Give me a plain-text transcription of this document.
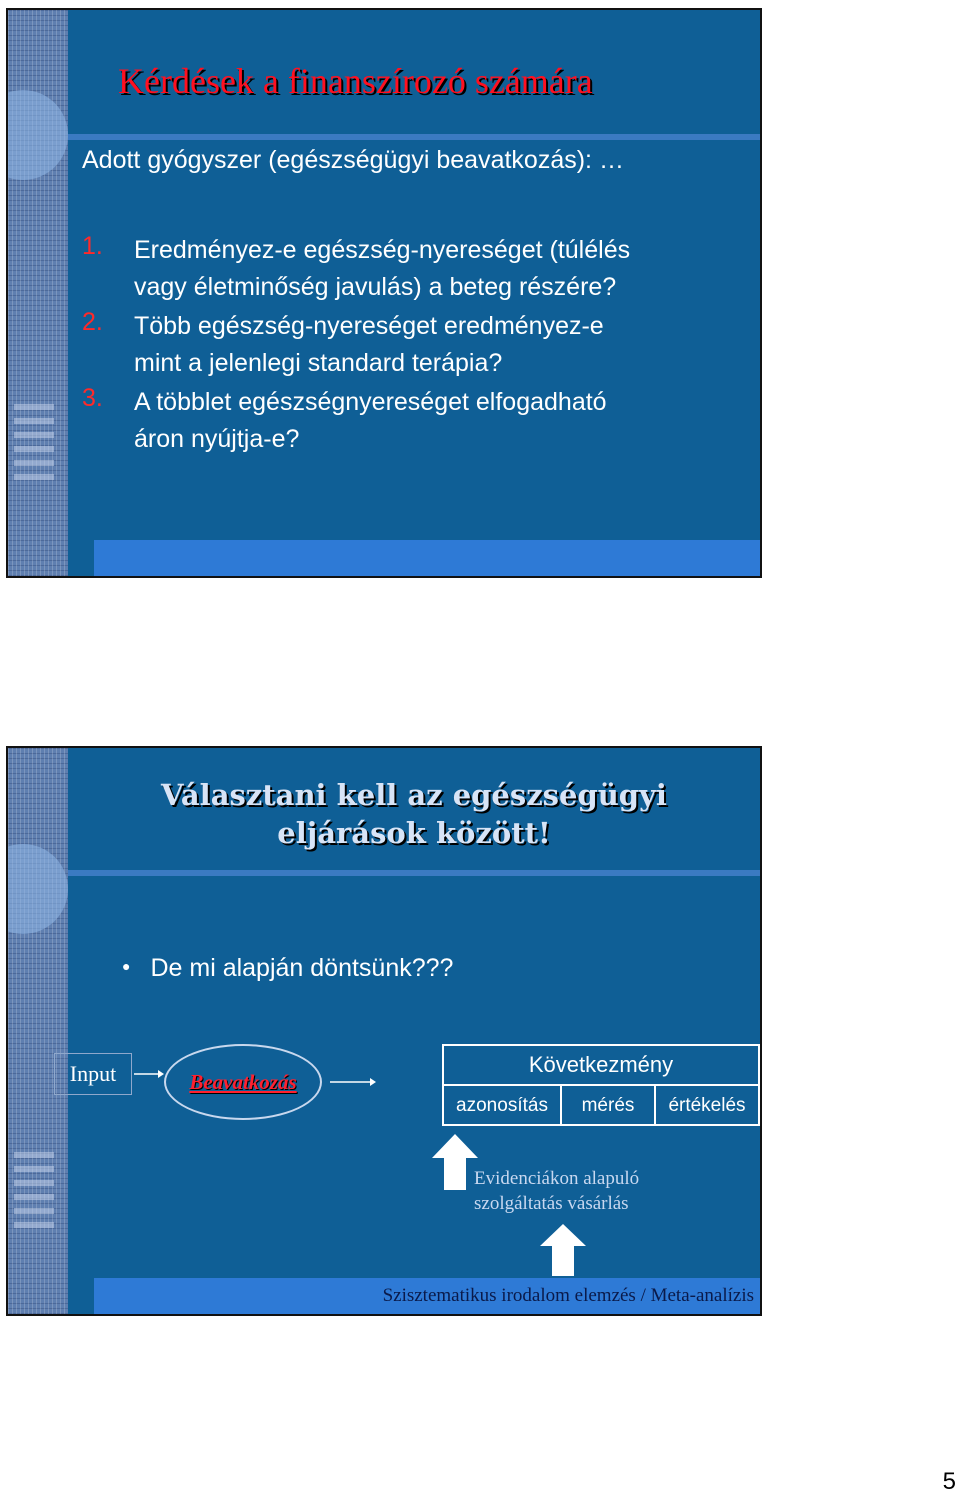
Kérdések a finanszírozó számára
Adott gyógyszer (egészségügyi beavatkozás): …
1. Eredményez-e egészség-nyereséget (túlélés
vagy életminőség javulás) a beteg részére?
2. Több egészség-nyereséget eredményez-e
mint a jelenlegi standard terápia?
3. A többlet egészségnyereséget elfogadható
áron nyújtja-e?
Választani kell az egészségügyi
eljárások között!
● De mi alapján döntsünk???
Input	Beavatkozás
Következmény
azonosítás	mérés	értékelés
Evidenciákon alapuló
szolgáltatás vásárlás
Szisztematikus irodalom elemzés / Meta-analízis
5
